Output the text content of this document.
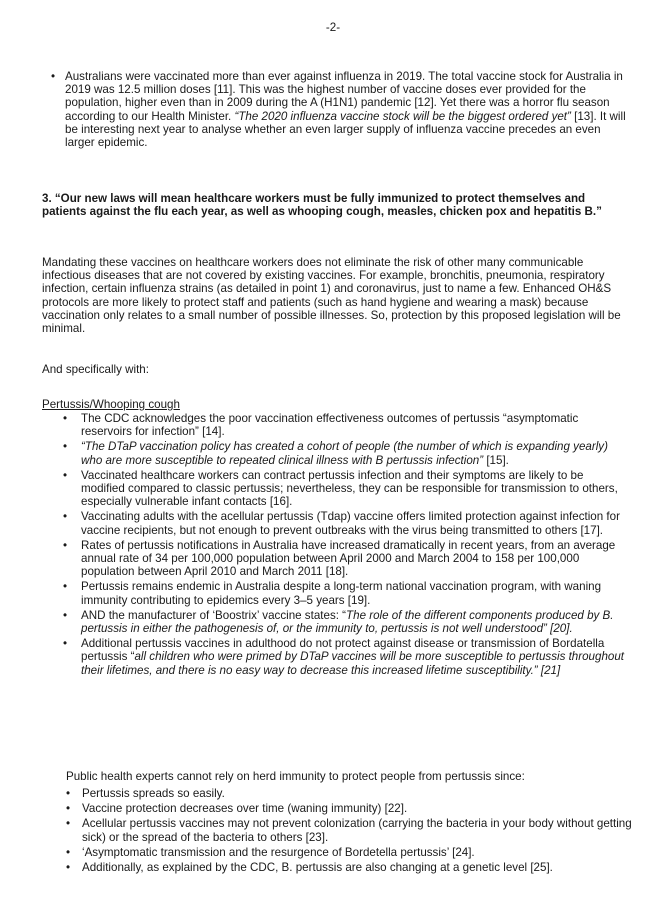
-2-
• Australians were vaccinated more than ever against influenza in 2019. The total vaccine stock for Australia in 2019 was 12.5 million doses [11]. This was the highest number of vaccine doses ever provided for the population, higher even than in 2009 during the A (H1N1) pandemic [12]. Yet there was a horror flu season according to our Health Minister. “The 2020 influenza vaccine stock will be the biggest ordered yet” [13]. It will be interesting next year to analyse whether an even larger supply of influenza vaccine precedes an even larger epidemic.
3. “Our new laws will mean healthcare workers must be fully immunized to protect themselves and patients against the flu each year, as well as whooping cough, measles, chicken pox and hepatitis B.”

Mandating these vaccines on healthcare workers does not eliminate the risk of other many communicable infectious diseases that are not covered by existing vaccines. For example, bronchitis, pneumonia, respiratory infection, certain influenza strains (as detailed in point 1) and coronavirus, just to name a few. Enhanced OH&S protocols are more likely to protect staff and patients (such as hand hygiene and wearing a mask) because vaccination only relates to a small number of possible illnesses. So, protection by this proposed legislation will be minimal.

And specifically with:

Pertussis/Whooping cough
• The CDC acknowledges the poor vaccination effectiveness outcomes of pertussis “asymptomatic reservoirs for infection” [14].
• “The DTaP vaccination policy has created a cohort of people (the number of which is expanding yearly) who are more susceptible to repeated clinical illness with B pertussis infection” [15].
• Vaccinated healthcare workers can contract pertussis infection and their symptoms are likely to be modified compared to classic pertussis; nevertheless, they can be responsible for transmission to others, especially vulnerable infant contacts [16].
• Vaccinating adults with the acellular pertussis (Tdap) vaccine offers limited protection against infection for vaccine recipients, but not enough to prevent outbreaks with the virus being transmitted to others [17].
• Rates of pertussis notifications in Australia have increased dramatically in recent years, from an average annual rate of 34 per 100,000 population between April 2000 and March 2004 to 158 per 100,000 population between April 2010 and March 2011 [18].
• Pertussis remains endemic in Australia despite a long-term national vaccination program, with waning immunity contributing to epidemics every 3–5 years [19].
• AND the manufacturer of ‘Boostrix’ vaccine states: “The role of the different components produced by B. pertussis in either the pathogenesis of, or the immunity to, pertussis is not well understood” [20].
• Additional pertussis vaccines in adulthood do not protect against disease or transmission of Bordatella pertussis “all children who were primed by DTaP vaccines will be more susceptible to pertussis throughout their lifetimes, and there is no easy way to decrease this increased lifetime susceptibility.” [21]

Public health experts cannot rely on herd immunity to protect people from pertussis since:

• Pertussis spreads so easily.
• Vaccine protection decreases over time (waning immunity) [22].
• Acellular pertussis vaccines may not prevent colonization (carrying the bacteria in your body without getting sick) or the spread of the bacteria to others [23].
• ‘Asymptomatic transmission and the resurgence of Bordetella pertussis’ [24].
• Additionally, as explained by the CDC, B. pertussis are also changing at a genetic level [25].
